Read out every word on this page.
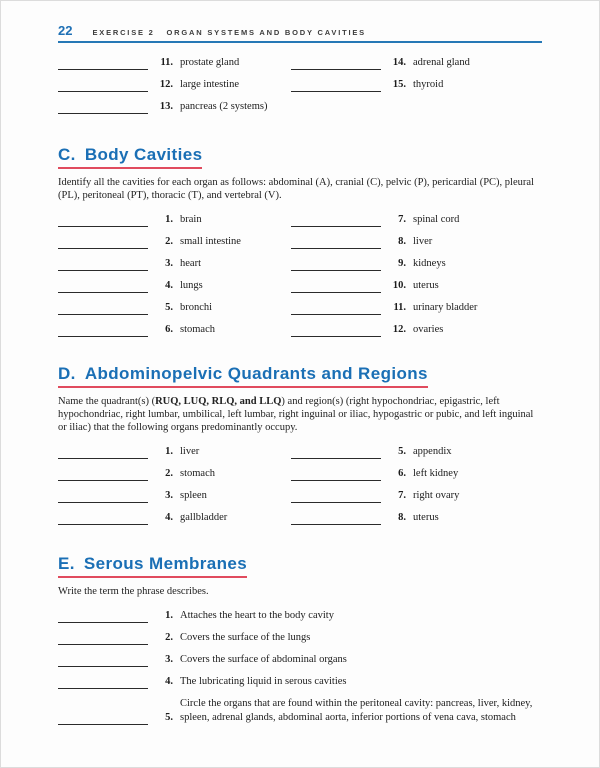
22	EXERCISE 2 ORGAN SYSTEMS AND BODY CAVITIES
11. prostate gland
12. large intestine
13. pancreas (2 systems)
14. adrenal gland
15. thyroid
C. Body Cavities

Identify all the cavities for each organ as follows: abdominal (A), cranial (C), pelvic (P), pericardial (PC), pleural (PL), peritoneal (PT), thoracic (T), and vertebral (V).

1. brain
2. small intestine
3. heart
4. lungs
5. bronchi
6. stomach
7. spinal cord
8. liver
9. kidneys
10. uterus
11. urinary bladder
12. ovaries
D. Abdominopelvic Quadrants and Regions

Name the quadrant(s) (RUQ, LUQ, RLQ, and LLQ) and region(s) (right hypochondriac, epigastric, left hypochondriac, right lumbar, umbilical, left lumbar, right inguinal or iliac, hypogastric or pubic, and left inguinal or iliac) that the following organs predominantly occupy.

1. liver
2. stomach
3. spleen
4. gallbladder
5. appendix
6. left kidney
7. right ovary
8. uterus
E. Serous Membranes

Write the term the phrase describes.

1. Attaches the heart to the body cavity
2. Covers the surface of the lungs
3. Covers the surface of abdominal organs
4. The lubricating liquid in serous cavities
5.
Circle the organs that are found within the peritoneal cavity: pancreas, liver, kidney, spleen, adrenal glands, abdominal aorta, inferior portions of vena cava, stomach
